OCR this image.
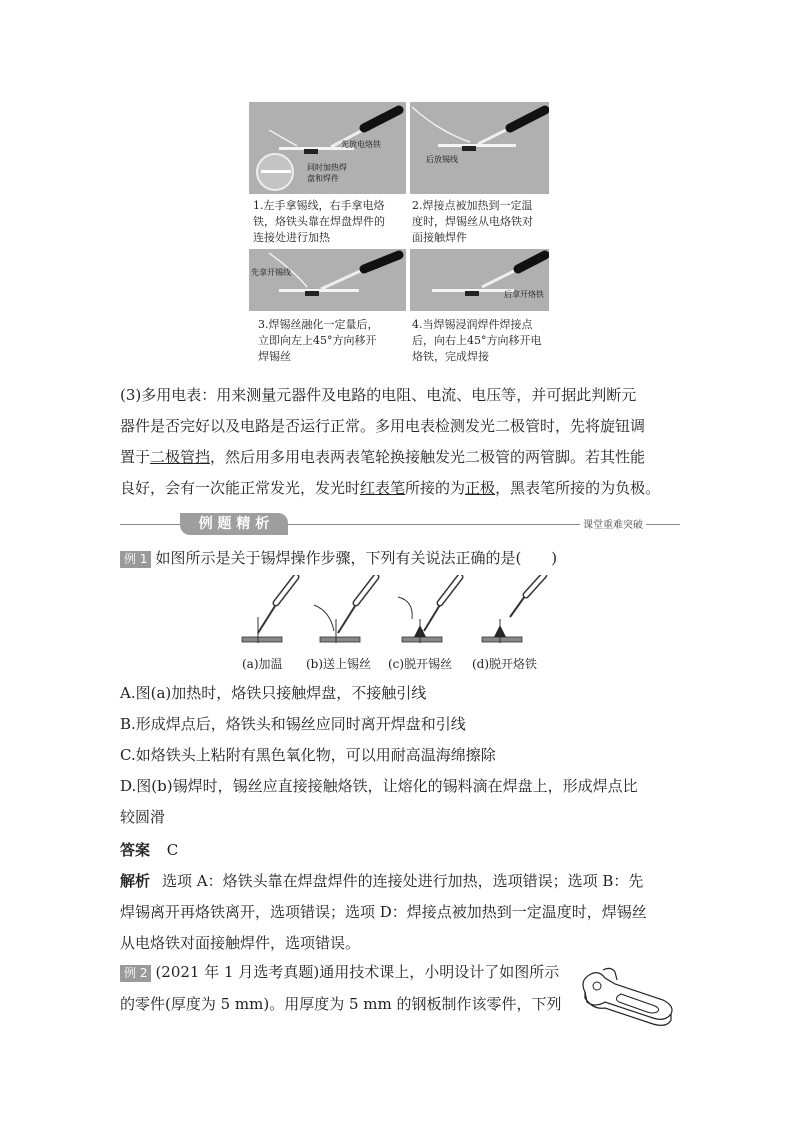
先放电烙铁
同时加热焊
盘和焊件
后放锡线
先拿开锡线
后拿开烙铁
1.左手拿锡线，右手拿电烙
铁，烙铁头靠在焊盘焊件的
连接处进行加热
2.焊接点被加热到一定温
度时，焊锡丝从电烙铁对
面接触焊件
3.焊锡丝融化一定量后，
立即向左上45°方向移开
焊锡丝
4.当焊锡浸润焊件焊接点
后，向右上45°方向移开电
烙铁，完成焊接
(3)多用电表：用来测量元器件及电路的电阻、电流、电压等，并可据此判断元
器件是否完好以及电路是否运行正常。多用电表检测发光二极管时，先将旋钮调
置于二极管挡，然后用多用电表两表笔轮换接触发光二极管的两管脚。若其性能
良好，会有一次能正常发光，发光时红表笔所接的为正极，黑表笔所接的为负极。
例 题 精 析	课堂重难突破
例 1 如图所示是关于锡焊操作步骤，下列有关说法正确的是(　　)
(a)加温 (b)送上锡丝 (c)脱开锡丝 (d)脱开烙铁
A.图(a)加热时，烙铁只接触焊盘，不接触引线
B.形成焊点后，烙铁头和锡丝应同时离开焊盘和引线
C.如烙铁头上粘附有黑色氧化物，可以用耐高温海绵擦除
D.图(b)锡焊时，锡丝应直接接触烙铁，让熔化的锡料滴在焊盘上，形成焊点比
较圆滑
答案 C
解析 选项 A：烙铁头靠在焊盘焊件的连接处进行加热，选项错误；选项 B：先
焊锡离开再烙铁离开，选项错误；选项 D：焊接点被加热到一定温度时，焊锡丝
从电烙铁对面接触焊件，选项错误。
例 2 (2021 年 1 月选考真题)通用技术课上，小明设计了如图所示
的零件(厚度为 5 mm)。用厚度为 5 mm 的钢板制作该零件，下列
